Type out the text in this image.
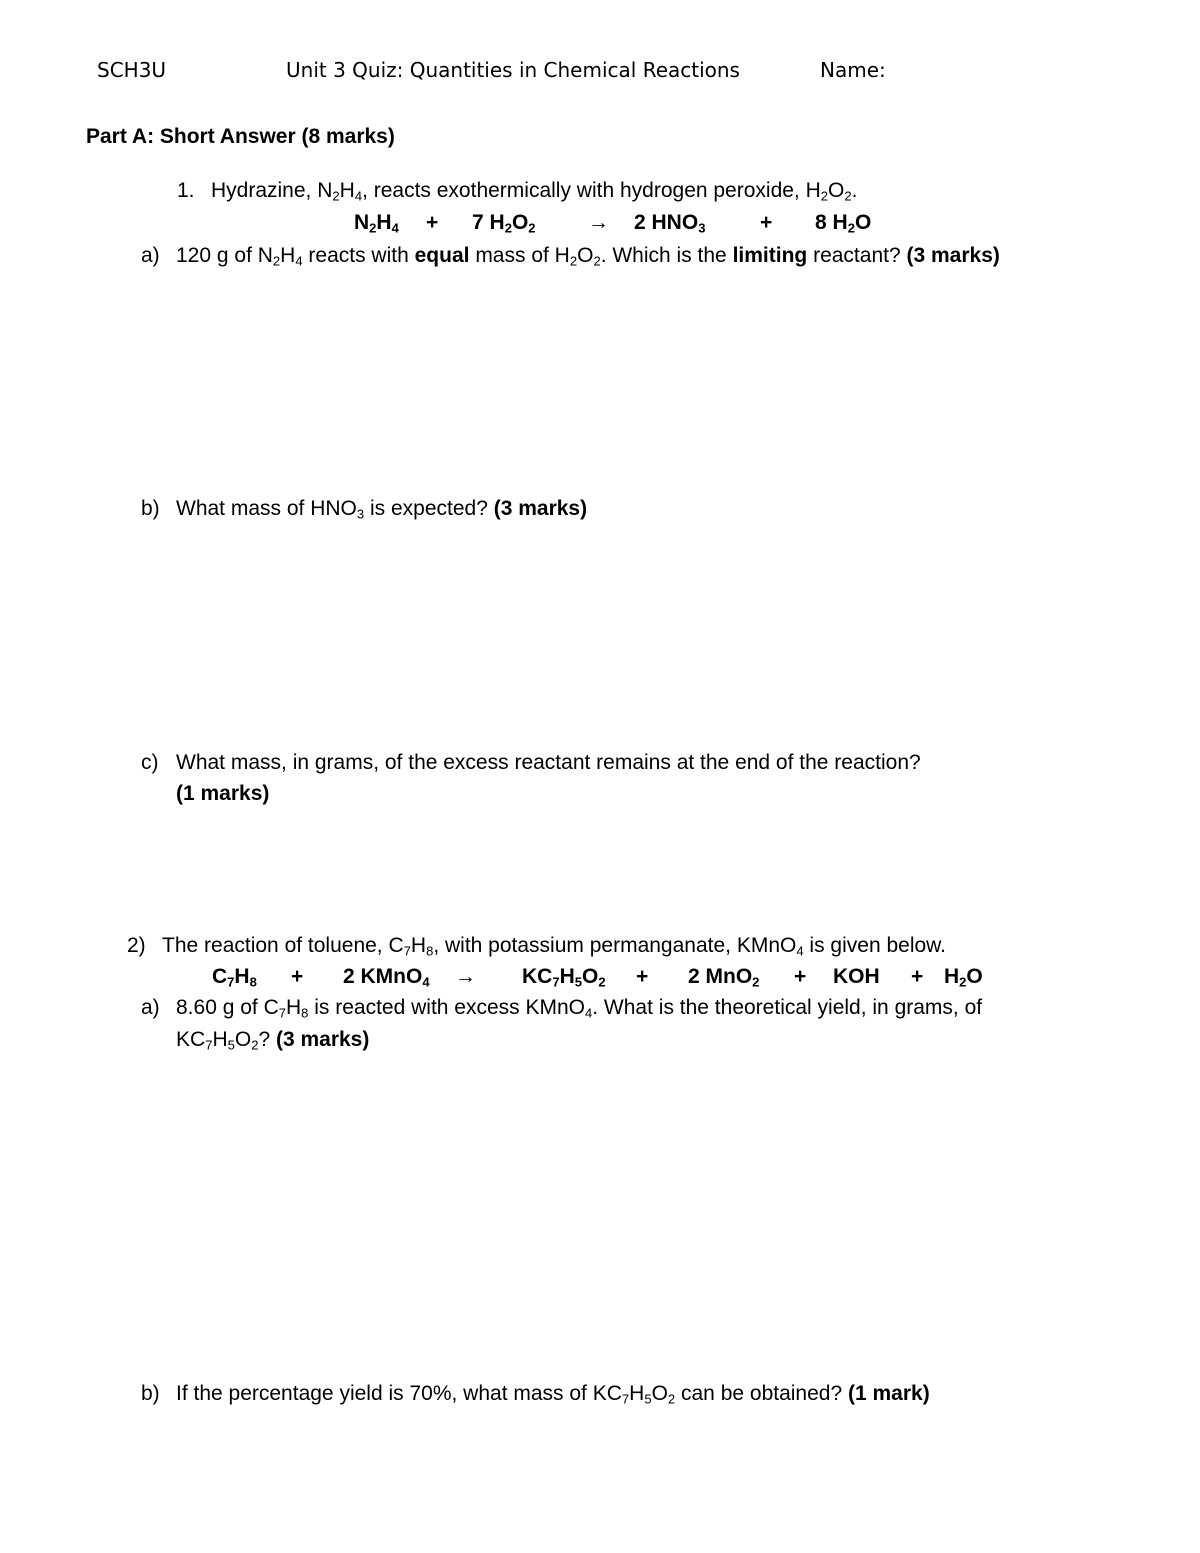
SCH3U	Unit 3 Quiz: Quantities in Chemical Reactions	Name:
Part A: Short Answer (8 marks)
1. Hydrazine, $N_2H_4$, reacts exothermically with hydrogen peroxide, $H_2O_2$.
$N_2H_4 + 7$ $H_2O_2 \to 2$ $HNO_3$	+ 8 $H_2O$
a) 120 g of $N_2H_4$ reacts with equal mass of $H_2O_2$. Which is the limiting reactant? (3 marks)
b) What mass of $HNO_3$ is expected? (3 marks)
c) What mass, in grams, of the excess reactant remains at the end of the reaction?
(1 marks)
2) The reaction of toluene, $C_7H_8$, with potassium permanganate, KMnO$_4$ is given below.
$C_7H_8 + 2$ KMnO$_4$ → $KC_7H_5O_2 + 2$ MnO$_2$ + KOH + $H_2O$
a) 8.60 g of $C_7H_8$ is reacted with excess KMnO$_4$. What is the theoretical yield, in grams, of
$KC_7H_5O_2$? (3 marks)
b) If the percentage yield is 70%, what mass of $KC_7H_5O_2$ can be obtained? (1 mark)
